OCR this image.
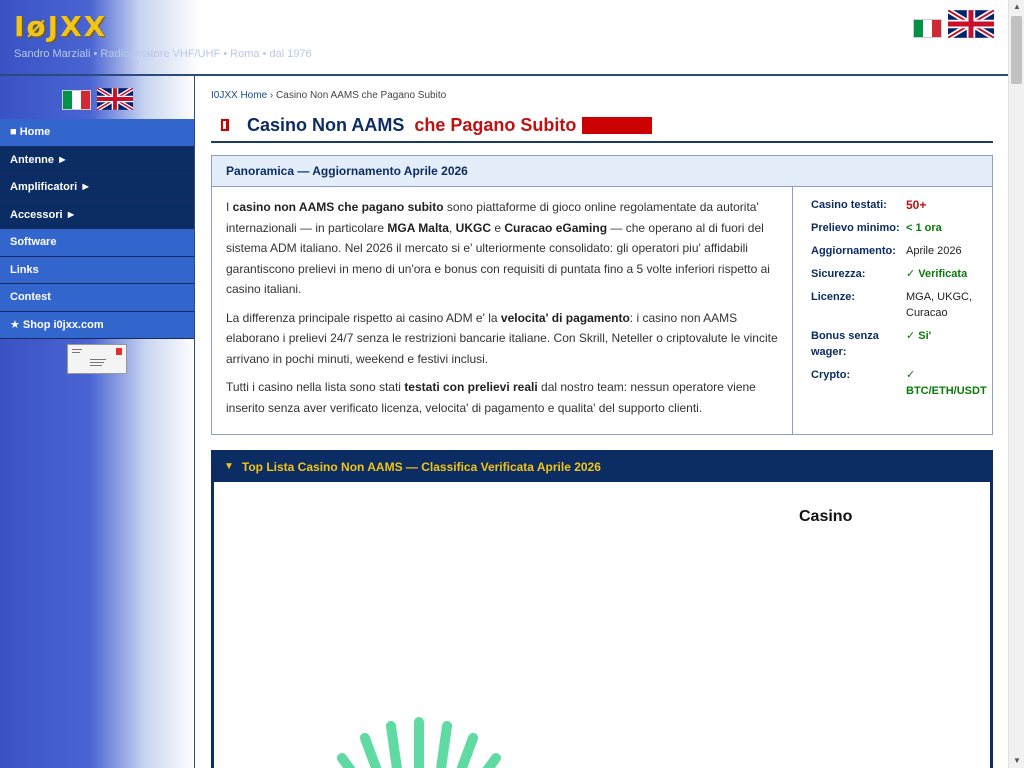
IøJXX
Sandro Marziali • Radioamatore VHF/UHF • Roma • dal 1976
■ Home
Antenne ►
Amplificatori ►
Accessori ►
Software
Links
Contest
★ Shop i0jxx.com
I0JXX Home › Casino Non AAMS che Pagano Subito
Casino Non AAMS che Pagano Subito
Panoramica — Aggiornamento Aprile 2026

I casino non AAMS che pagano subito sono piattaforme di gioco online regolamentate da autorita' internazionali — in particolare MGA Malta, UKGC e Curacao eGaming — che operano al di fuori del sistema ADM italiano. Nel 2026 il mercato si e' ulteriormente consolidato: gli operatori piu' affidabili garantiscono prelievi in meno di un'ora e bonus con requisiti di puntata fino a 5 volte inferiori rispetto ai casino italiani.

La differenza principale rispetto ai casino ADM e' la velocita' di pagamento: i casino non AAMS elaborano i prelievi 24/7 senza le restrizioni bancarie italiane. Con Skrill, Neteller o criptovalute le vincite arrivano in pochi minuti, weekend e festivi inclusi.

Tutti i casino nella lista sono stati testati con prelievi reali dal nostro team: nessun operatore viene inserito senza aver verificato licenza, velocita' di pagamento e qualita' del supporto clienti.

Casino testati:	50+
Prelievo minimo: < 1 ora
Aggiornamento: Aprile 2026
Sicurezza:	✓ Verificata
Licenze:	MGA, UKGC, Curacao
Bonus senza wager:
✓ Si'
Crypto:	✓ BTC/ETH/USDT
▼ Top Lista Casino Non AAMS — Classifica Verificata Aprile 2026
Casino
▲
▼
